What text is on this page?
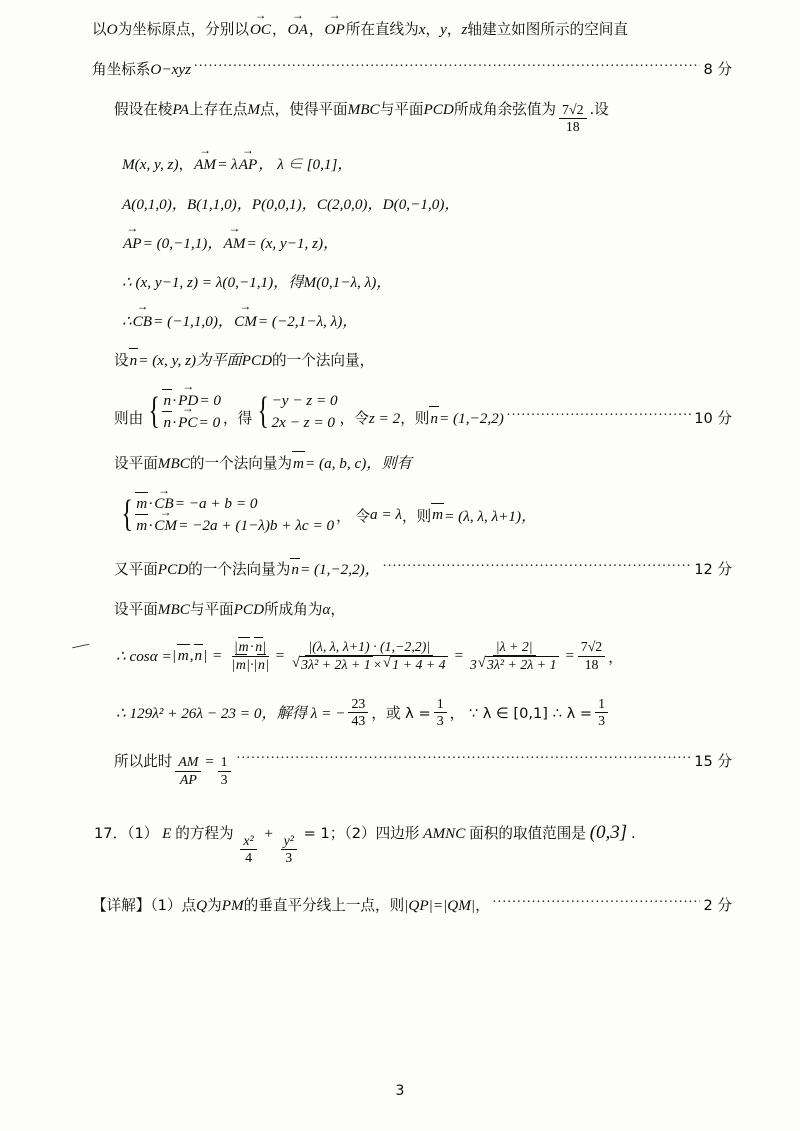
—
以 O 为坐标原点，分别以 OC → ， OA → ， OP → 所在直线为 x ， y ， z 轴建立如图所示的空间直
角坐标系 O−xyz .....	8 分
假设在棱 PA 上存在点 M 点，使得平面 MBC 与平面 PCD 所成角余弦值为 $\frac{7√2}{18}$ .设
M (x, y, z) ， AM → = λ AP → ， λ ∈ [0,1]，
A(0,1,0)，B(1,1,0)，P(0,0,1)，C(2,0,0)，D(0,−1,0)，
AP → = (0,−1,1)， AM → = (x, y−1, z)，
∴ (x, y−1, z) = λ(0,−1,1)，得 M (0,1−λ, λ)，
∴ CB → = (−1,1,0)， CM → = (−2,1−λ, λ)，
设 n = (x, y, z)为平面 PCD 的一个法向量，
则由 { n·PD →= 0
n·PC →= 0 ，得 { −y − z = 0
2x − z = 0 ，令 z = 2 ，则 n = (1,−2,2) .....	10 分
设平面 MBC 的一个法向量为 m = (a, b, c)，则有
{ m·CB →= −a + b = 0
m·CM →= −2a + (1−λ)b + λc = 0
， 令 a = λ ，则 m = (λ, λ, λ+1)，
又平面 PCD 的一个法向量为 n = (1,−2,2)， .....	12 分
设平面 MBC 与平面 PCD 所成角为 α ，
∴ cosα = | m,n | = $\frac{|m\cdot n|}{|m|\cdot|n|} = |(\lambda$, λ, λ+1) · (1,−2,2)|
√ 3λ² + 2λ + 1 × √ $1 + 4 + 4 = \frac{|\lambda + 2|}{\text{3 √ 3λ² + 2λ + 1}} = \frac{7√2}{18}$ ，
∴ 129λ² + 26λ − 23 = 0，解得 λ = − $\frac{23}{43}$ ，或 $\lambda = \frac{1}{3}$ ， ∵ λ ∈ [0,1] ∴ $\lambda = \frac{1}{3}$
所以此时 $\frac{AM}{AP} = \frac{1}{3}$ .....	15 分
17．（1） E 的方程为 $\frac{\text{x²}}{4} + \frac{\text{y²}}{3} = 1$；（2）四边形 AMNC 面积的取值范围是 (0,3] .
【详解】（1）点 Q 为 PM 的垂直平分线上一点，则 |QP| = |QM| ， .....	2 分
3
